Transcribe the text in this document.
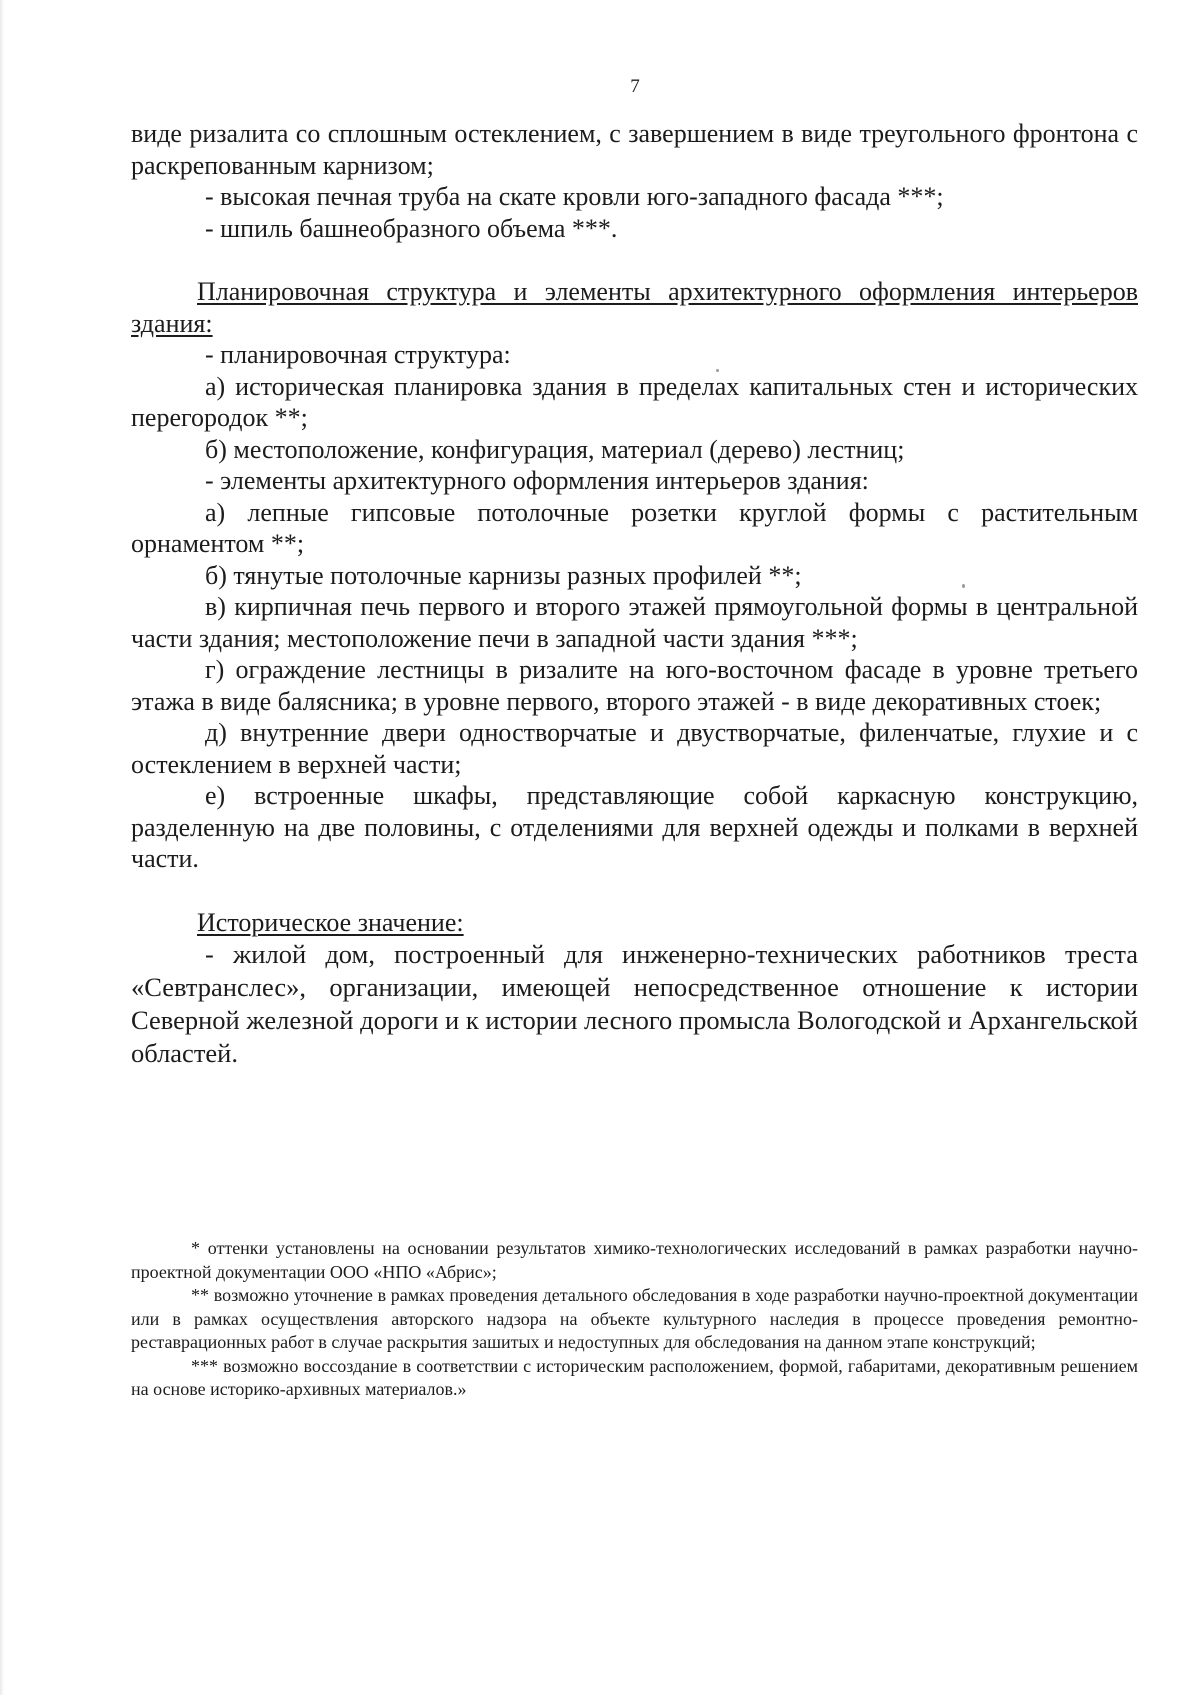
7

виде ризалита со сплошным остеклением, с завершением в виде треугольного фронтона с раскрепованным карнизом;

- высокая печная труба на скате кровли юго-западного фасада ***;

- шпиль башнеобразного объема ***.

Планировочная структура и элементы архитектурного оформления интерьеров здания:

- планировочная структура:

а) историческая планировка здания в пределах капитальных стен и исторических перегородок **;

б) местоположение, конфигурация, материал (дерево) лестниц;

- элементы архитектурного оформления интерьеров здания:

а) лепные гипсовые потолочные розетки круглой формы с растительным орнаментом **;

б) тянутые потолочные карнизы разных профилей **;

в) кирпичная печь первого и второго этажей прямоугольной формы в центральной части здания; местоположение печи в западной части здания ***;

г) ограждение лестницы в ризалите на юго-восточном фасаде в уровне третьего этажа в виде балясника; в уровне первого, второго этажей - в виде декоративных стоек;

д) внутренние двери одностворчатые и двустворчатые, филенчатые, глухие и с остеклением в верхней части;

е) встроенные шкафы, представляющие собой каркасную конструкцию, разделенную на две половины, с отделениями для верхней одежды и полками в верхней части.

Историческое значение:

- жилой дом, построенный для инженерно-технических работников треста «Севтранслес», организации, имеющей непосредственное отношение к истории Северной железной дороги и к истории лесного промысла Вологодской и Архангельской областей.

* оттенки установлены на основании результатов химико-технологических исследований в рамках разработки научно-проектной документации ООО «НПО «Абрис»;

** возможно уточнение в рамках проведения детального обследования в ходе разработки научно-проектной документации или в рамках осуществления авторского надзора на объекте культурного наследия в процессе проведения ремонтно-реставрационных работ в случае раскрытия зашитых и недоступных для обследования на данном этапе конструкций;

*** возможно воссоздание в соответствии с историческим расположением, формой, габаритами, декоративным решением на основе историко-архивных материалов.»
